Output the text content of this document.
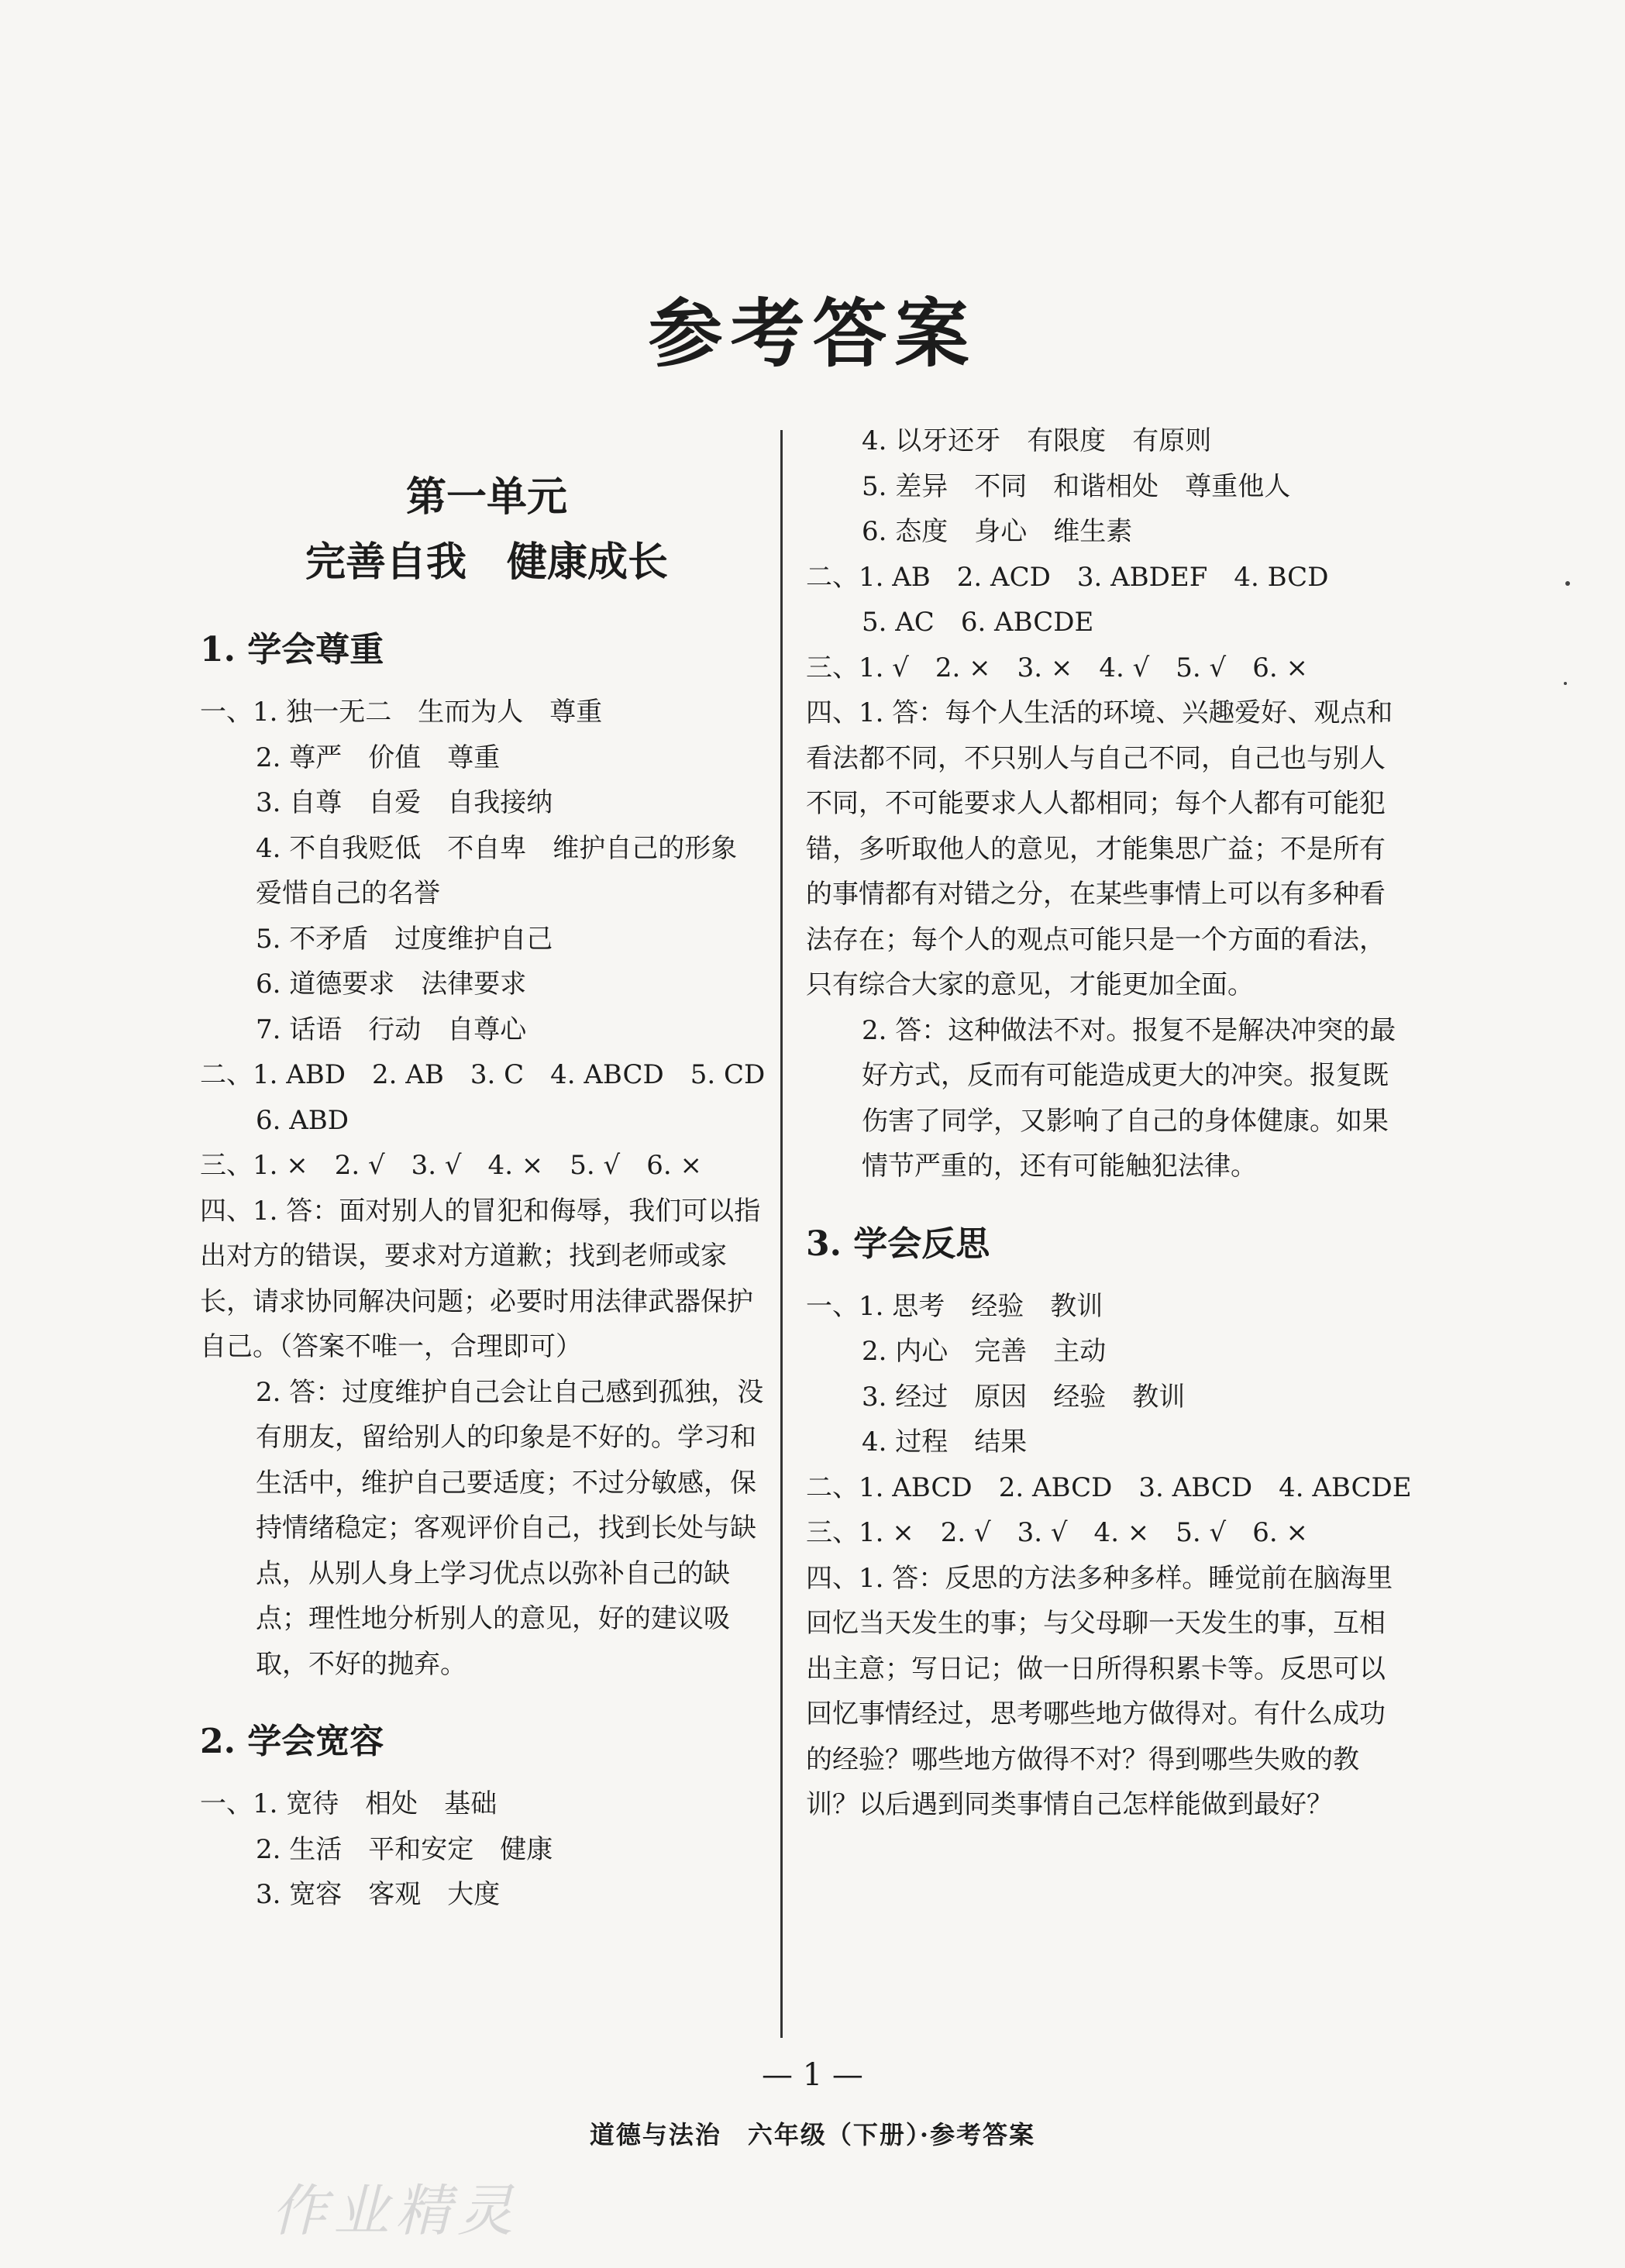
参考答案
第一单元
完善自我　健康成长
1. 学会尊重
一、1. 独一无二　生而为人　尊重
2. 尊严　价值　尊重
3. 自尊　自爱　自我接纳
4. 不自我贬低　不自卑　维护自己的形象　爱惜自己的名誉
5. 不矛盾　过度维护自己
6. 道德要求　法律要求
7. 话语　行动　自尊心
二、1. ABD　2. AB　3. C　4. ABCD　5. CD
6. ABD
三、1. ×　2. √　3. √　4. ×　5. √　6. ×
四、1. 答：面对别人的冒犯和侮辱，我们可以指出对方的错误，要求对方道歉；找到老师或家长，请求协同解决问题；必要时用法律武器保护自己。（答案不唯一，合理即可）
2. 答：过度维护自己会让自己感到孤独，没有朋友，留给别人的印象是不好的。学习和生活中，维护自己要适度；不过分敏感，保持情绪稳定；客观评价自己，找到长处与缺点，从别人身上学习优点以弥补自己的缺点；理性地分析别人的意见，好的建议吸取，不好的抛弃。
2. 学会宽容
一、1. 宽待　相处　基础
2. 生活　平和安定　健康
3. 宽容　客观　大度
4. 以牙还牙　有限度　有原则
5. 差异　不同　和谐相处　尊重他人
6. 态度　身心　维生素
二、1. AB　2. ACD　3. ABDEF　4. BCD
5. AC　6. ABCDE
三、1. √　2. ×　3. ×　4. √　5. √　6. ×
四、1. 答：每个人生活的环境、兴趣爱好、观点和看法都不同，不只别人与自己不同，自己也与别人不同，不可能要求人人都相同；每个人都有可能犯错，多听取他人的意见，才能集思广益；不是所有的事情都有对错之分，在某些事情上可以有多种看法存在；每个人的观点可能只是一个方面的看法，只有综合大家的意见，才能更加全面。
2. 答：这种做法不对。报复不是解决冲突的最好方式，反而有可能造成更大的冲突。报复既伤害了同学，又影响了自己的身体健康。如果情节严重的，还有可能触犯法律。
3. 学会反思
一、1. 思考　经验　教训
2. 内心　完善　主动
3. 经过　原因　经验　教训
4. 过程　结果
二、1. ABCD　2. ABCD　3. ABCD　4. ABCDE
三、1. ×　2. √　3. √　4. ×　5. √　6. ×
四、1. 答：反思的方法多种多样。睡觉前在脑海里回忆当天发生的事；与父母聊一天发生的事，互相出主意；写日记；做一日所得积累卡等。反思可以回忆事情经过，思考哪些地方做得对。有什么成功的经验？哪些地方做得不对？得到哪些失败的教训？以后遇到同类事情自己怎样能做到最好？
— 1 —
道德与法治　六年级（下册）·参考答案
作业精灵
